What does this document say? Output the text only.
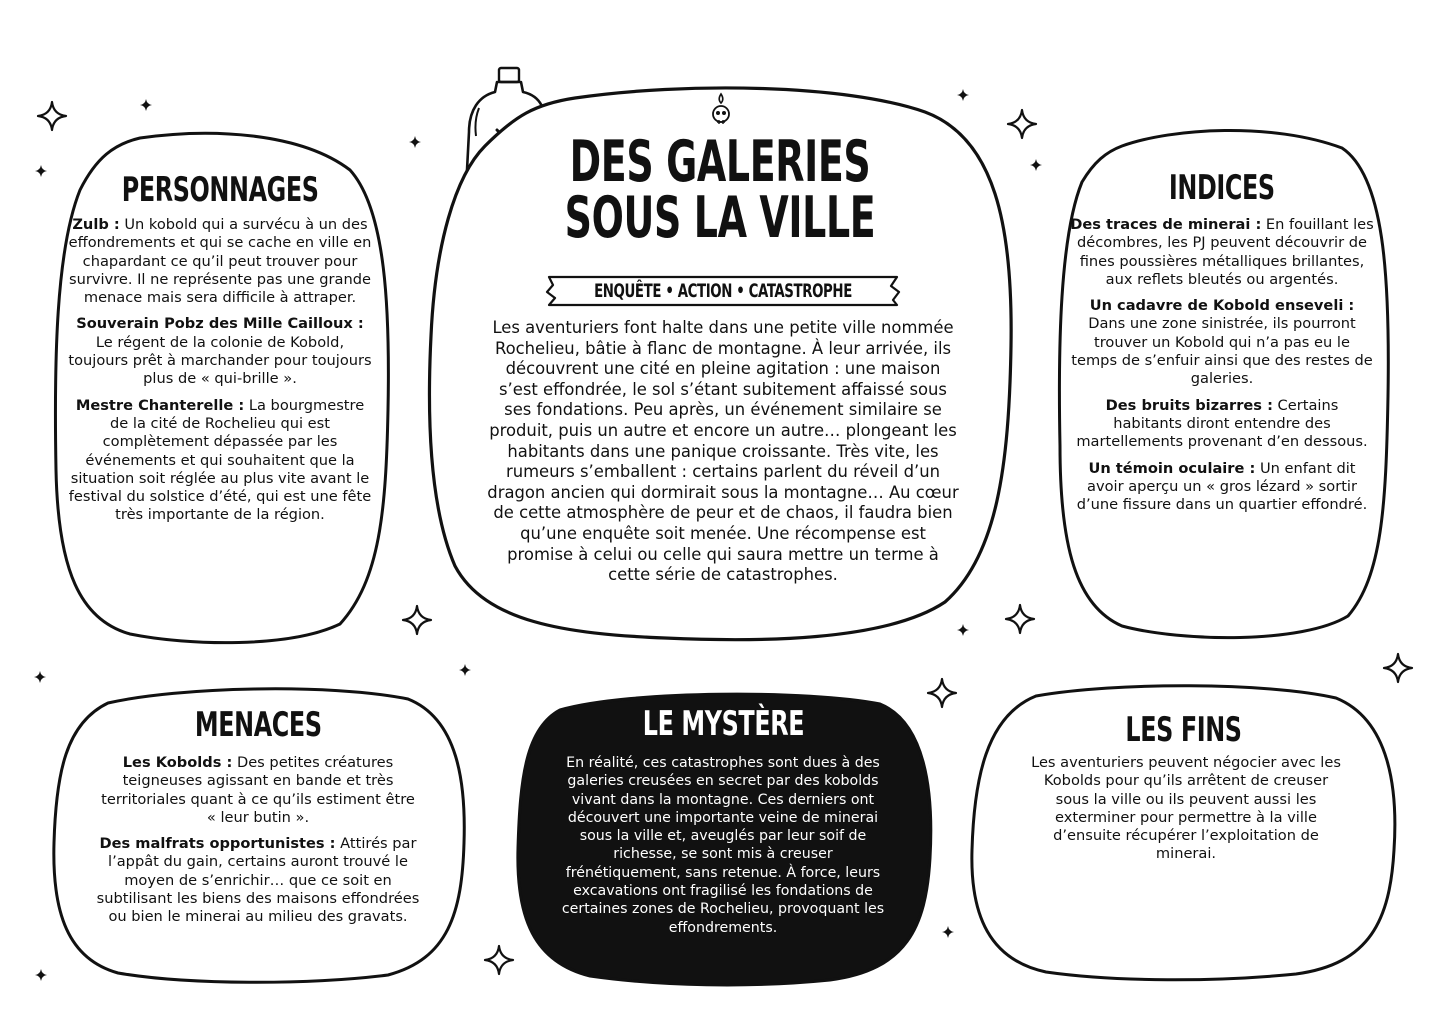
DES GALERIES
SOUS LA VILLE
ENQUÊTE • ACTION • CATASTROPHE
Les aventuriers font halte dans une petite ville nommée Rochelieu, bâtie à flanc de montagne. À leur arrivée, ils découvrent une cité en pleine agitation : une maison s’est effondrée, le sol s’étant subitement affaissé sous ses fondations. Peu après, un événement similaire se produit, puis un autre et encore un autre… plongeant les habitants dans une panique croissante. Très vite, les rumeurs s’emballent : certains parlent du réveil d’un dragon ancien qui dormirait sous la montagne… Au cœur de cette atmosphère de peur et de chaos, il faudra bien qu’une enquête soit menée. Une récompense est promise à celui ou celle qui saura mettre un terme à cette série de catastrophes.
PERSONNAGES

Zulb : Un kobold qui a survécu à un des effondrements et qui se cache en ville en chapardant ce qu’il peut trouver pour survivre. Il ne représente pas une grande menace mais sera difficile à attraper.

Souverain Pobz des Mille Cailloux : Le régent de la colonie de Kobold, toujours prêt à marchander pour toujours plus de « qui-brille ».

Mestre Chanterelle : La bourgmestre de la cité de Rochelieu qui est complètement dépassée par les événements et qui souhaitent que la situation soit réglée au plus vite avant le festival du solstice d’été, qui est une fête très importante de la région.

INDICES

Des traces de minerai : En fouillant les décombres, les PJ peuvent découvrir de fines poussières métalliques brillantes, aux reflets bleutés ou argentés.

Un cadavre de Kobold enseveli : Dans une zone sinistrée, ils pourront trouver un Kobold qui n’a pas eu le temps de s’enfuir ainsi que des restes de galeries.

Des bruits bizarres : Certains habitants diront entendre des martellements provenant d’en dessous.

Un témoin oculaire : Un enfant dit avoir aperçu un « gros lézard » sortir d’une fissure dans un quartier effondré.

MENACES

Les Kobolds : Des petites créatures teigneuses agissant en bande et très territoriales quant à ce qu’ils estiment être « leur butin ».

Des malfrats opportunistes : Attirés par l’appât du gain, certains auront trouvé le moyen de s’enrichir… que ce soit en subtilisant les biens des maisons effondrées ou bien le minerai au milieu des gravats.

LE MYSTÈRE
En réalité, ces catastrophes sont dues à des galeries creusées en secret par des kobolds vivant dans la montagne. Ces derniers ont découvert une importante veine de minerai sous la ville et, aveuglés par leur soif de richesse, se sont mis à creuser frénétiquement, sans retenue. À force, leurs excavations ont fragilisé les fondations de certaines zones de Rochelieu, provoquant les effondrements.
LES FINS
Les aventuriers peuvent négocier avec les Kobolds pour qu’ils arrêtent de creuser sous la ville ou ils peuvent aussi les exterminer pour permettre à la ville d’ensuite récupérer l’exploitation de minerai.
